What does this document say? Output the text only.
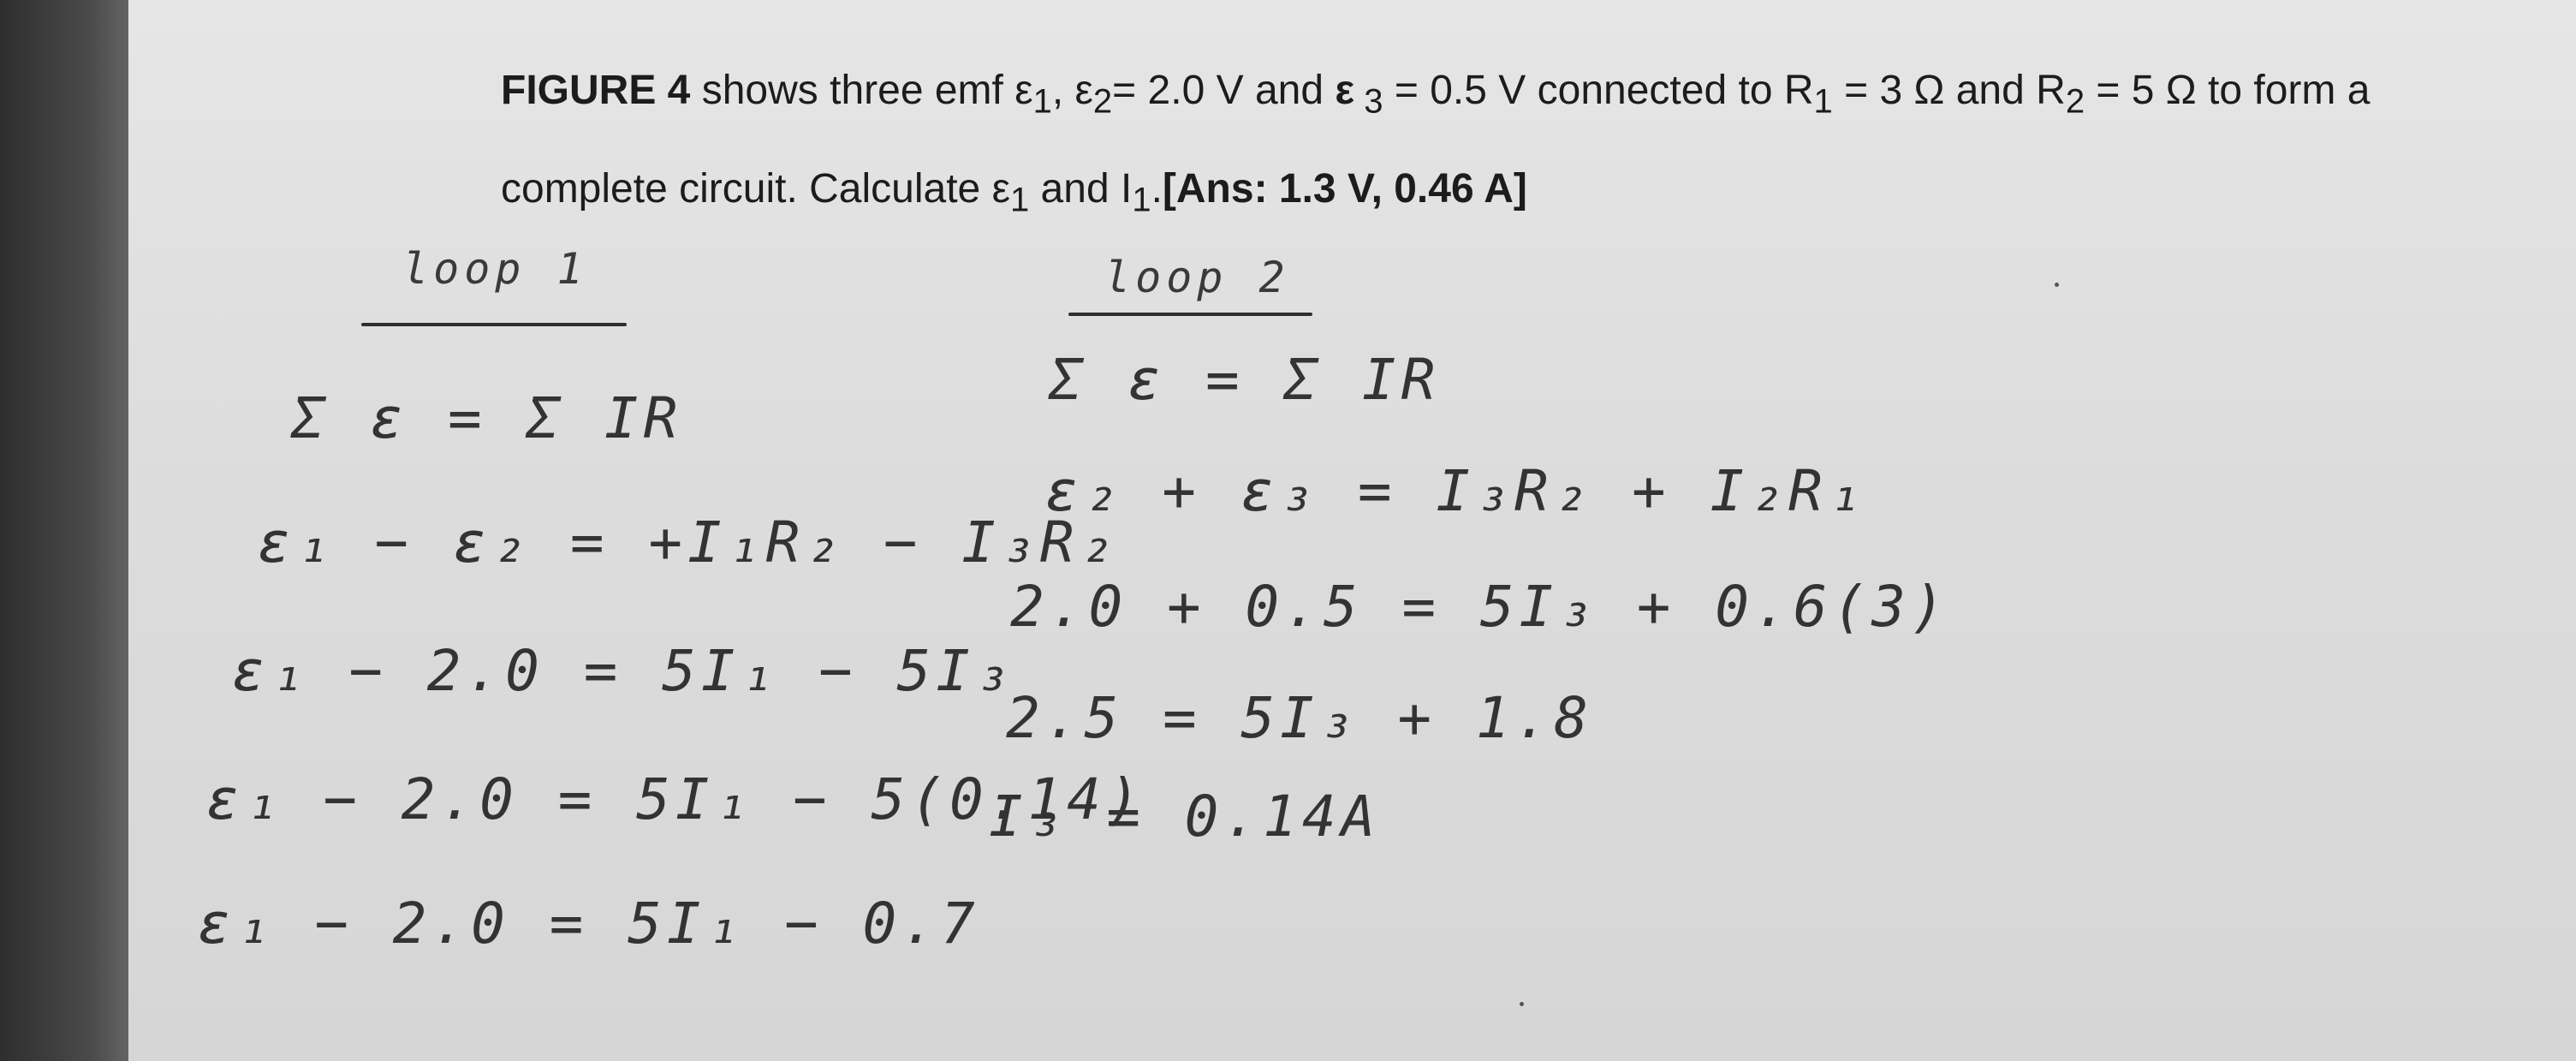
FIGURE 4 shows three emf $\varepsilon_1$, $\varepsilon_2= 2.0$ V and ε $_3$ = 0.5 V connected to $R_1 = 3$ Ω and $R_2 = 5$ Ω to form a complete circuit. Calculate $\varepsilon_1$ and $I_1.[Ans$: 1.3 V, 0.46 A]
loop 1
Σ ε = Σ IR
ε₁ − ε₂ = +I₁R₂ − I₃R₂
ε₁ − 2.0 = 5I₁ − 5I₃
ε₁ − 2.0 = 5I₁ − 5(0.14)
ε₁ − 2.0 = 5I₁ − 0.7
loop 2
Σ ε = Σ IR
ε₂ + ε₃ = I₃R₂ + I₂R₁
2.0 + 0.5 = 5I₃ + 0.6(3)
2.5 = 5I₃ + 1.8
I₃ = 0.14A
